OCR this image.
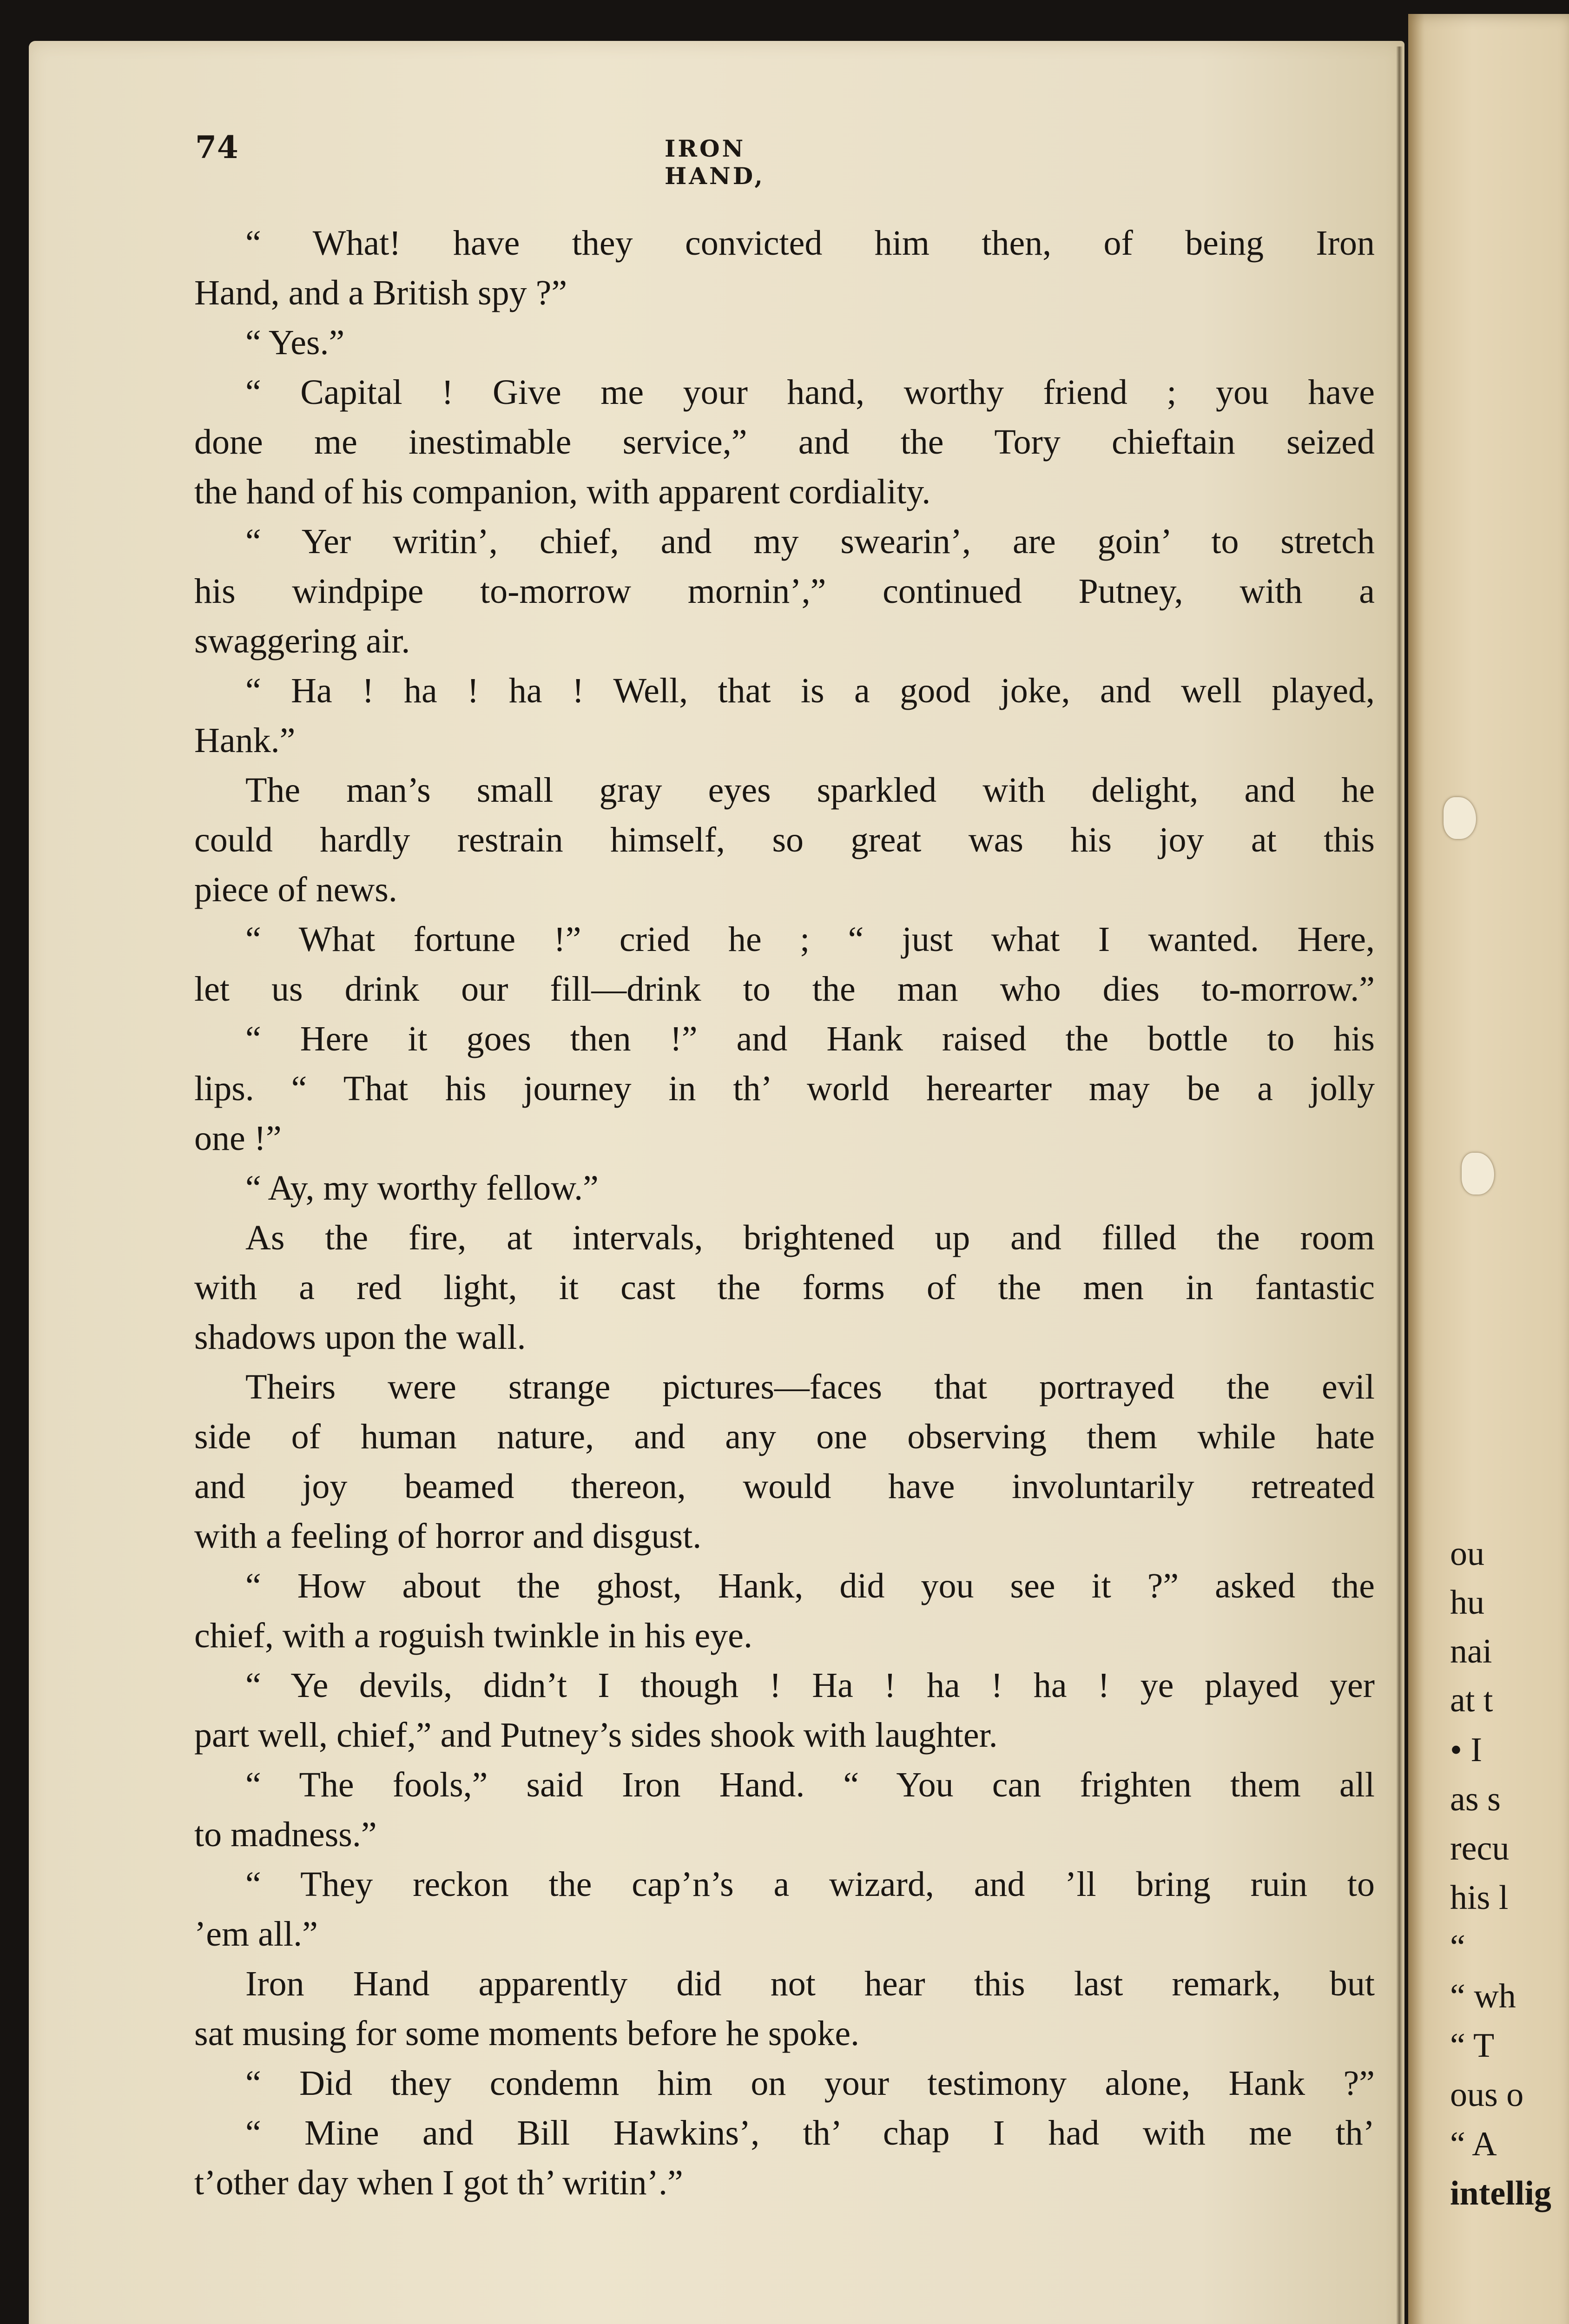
74	IRON HAND,
“ What! have they convicted him then, of being Iron
Hand, and a British spy ?”
“ Yes.”
“ Capital ! Give me your hand, worthy friend ; you have
done me inestimable service,” and the Tory chieftain seized
the hand of his companion, with apparent cordiality.
“ Yer writin’, chief, and my swearin’, are goin’ to stretch
his windpipe to-morrow mornin’,” continued Putney, with a
swaggering air.
“ Ha ! ha ! ha ! Well, that is a good joke, and well played,
Hank.”
The man’s small gray eyes sparkled with delight, and he
could hardly restrain himself, so great was his joy at this
piece of news.
“ What fortune !” cried he ; “ just what I wanted. Here,
let us drink our fill—drink to the man who dies to-morrow.”
“ Here it goes then !” and Hank raised the bottle to his
lips. “ That his journey in th’ world herearter may be a jolly
one !”
“ Ay, my worthy fellow.”
As the fire, at intervals, brightened up and filled the room
with a red light, it cast the forms of the men in fantastic
shadows upon the wall.
Theirs were strange pictures—faces that portrayed the evil
side of human nature, and any one observing them while hate
and joy beamed thereon, would have involuntarily retreated
with a feeling of horror and disgust.
“ How about the ghost, Hank, did you see it ?” asked the
chief, with a roguish twinkle in his eye.
“ Ye devils, didn’t I though ! Ha ! ha ! ha ! ye played yer
part well, chief,” and Putney’s sides shook with laughter.
“ The fools,” said Iron Hand. “ You can frighten them all
to madness.”
“ They reckon the cap’n’s a wizard, and ’ll bring ruin to
’em all.”
Iron Hand apparently did not hear this last remark, but
sat musing for some moments before he spoke.
“ Did they condemn him on your testimony alone, Hank ?”
“ Mine and Bill Hawkins’, th’ chap I had with me th’
t’other day when I got th’ writin’.”
ou
hu
nai
at t
• I
as s
recu
his l
“
“ wh
“ T
ous o
“ A
intellig
